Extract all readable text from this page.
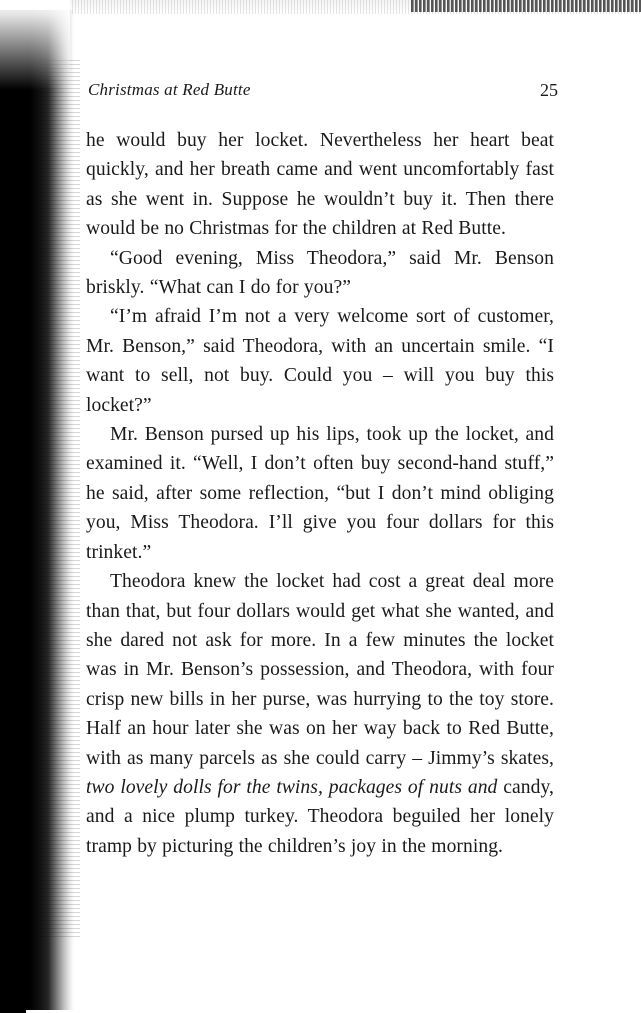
Christmas at Red Butte	25

he would buy her locket. Nevertheless her heart beat quickly, and her breath came and went uncomfortably fast as she went in. Suppose he wouldn’t buy it. Then there would be no Christmas for the children at Red Butte.

“Good evening, Miss Theodora,” said Mr. Benson briskly. “What can I do for you?”

“I’m afraid I’m not a very welcome sort of customer, Mr. Benson,” said Theodora, with an uncertain smile. “I want to sell, not buy. Could you – will you buy this locket?”

Mr. Benson pursed up his lips, took up the locket, and examined it. “Well, I don’t often buy second-hand stuff,” he said, after some reflection, “but I don’t mind obliging you, Miss Theodora. I’ll give you four dollars for this trinket.”

Theodora knew the locket had cost a great deal more than that, but four dollars would get what she wanted, and she dared not ask for more. In a few minutes the locket was in Mr. Benson’s possession, and Theodora, with four crisp new bills in her purse, was hurrying to the toy store. Half an hour later she was on her way back to Red Butte, with as many parcels as she could carry – Jimmy’s skates, two lovely dolls for the twins, packages of nuts and candy, and a nice plump turkey. Theodora beguiled her lonely tramp by picturing the children’s joy in the morning.
